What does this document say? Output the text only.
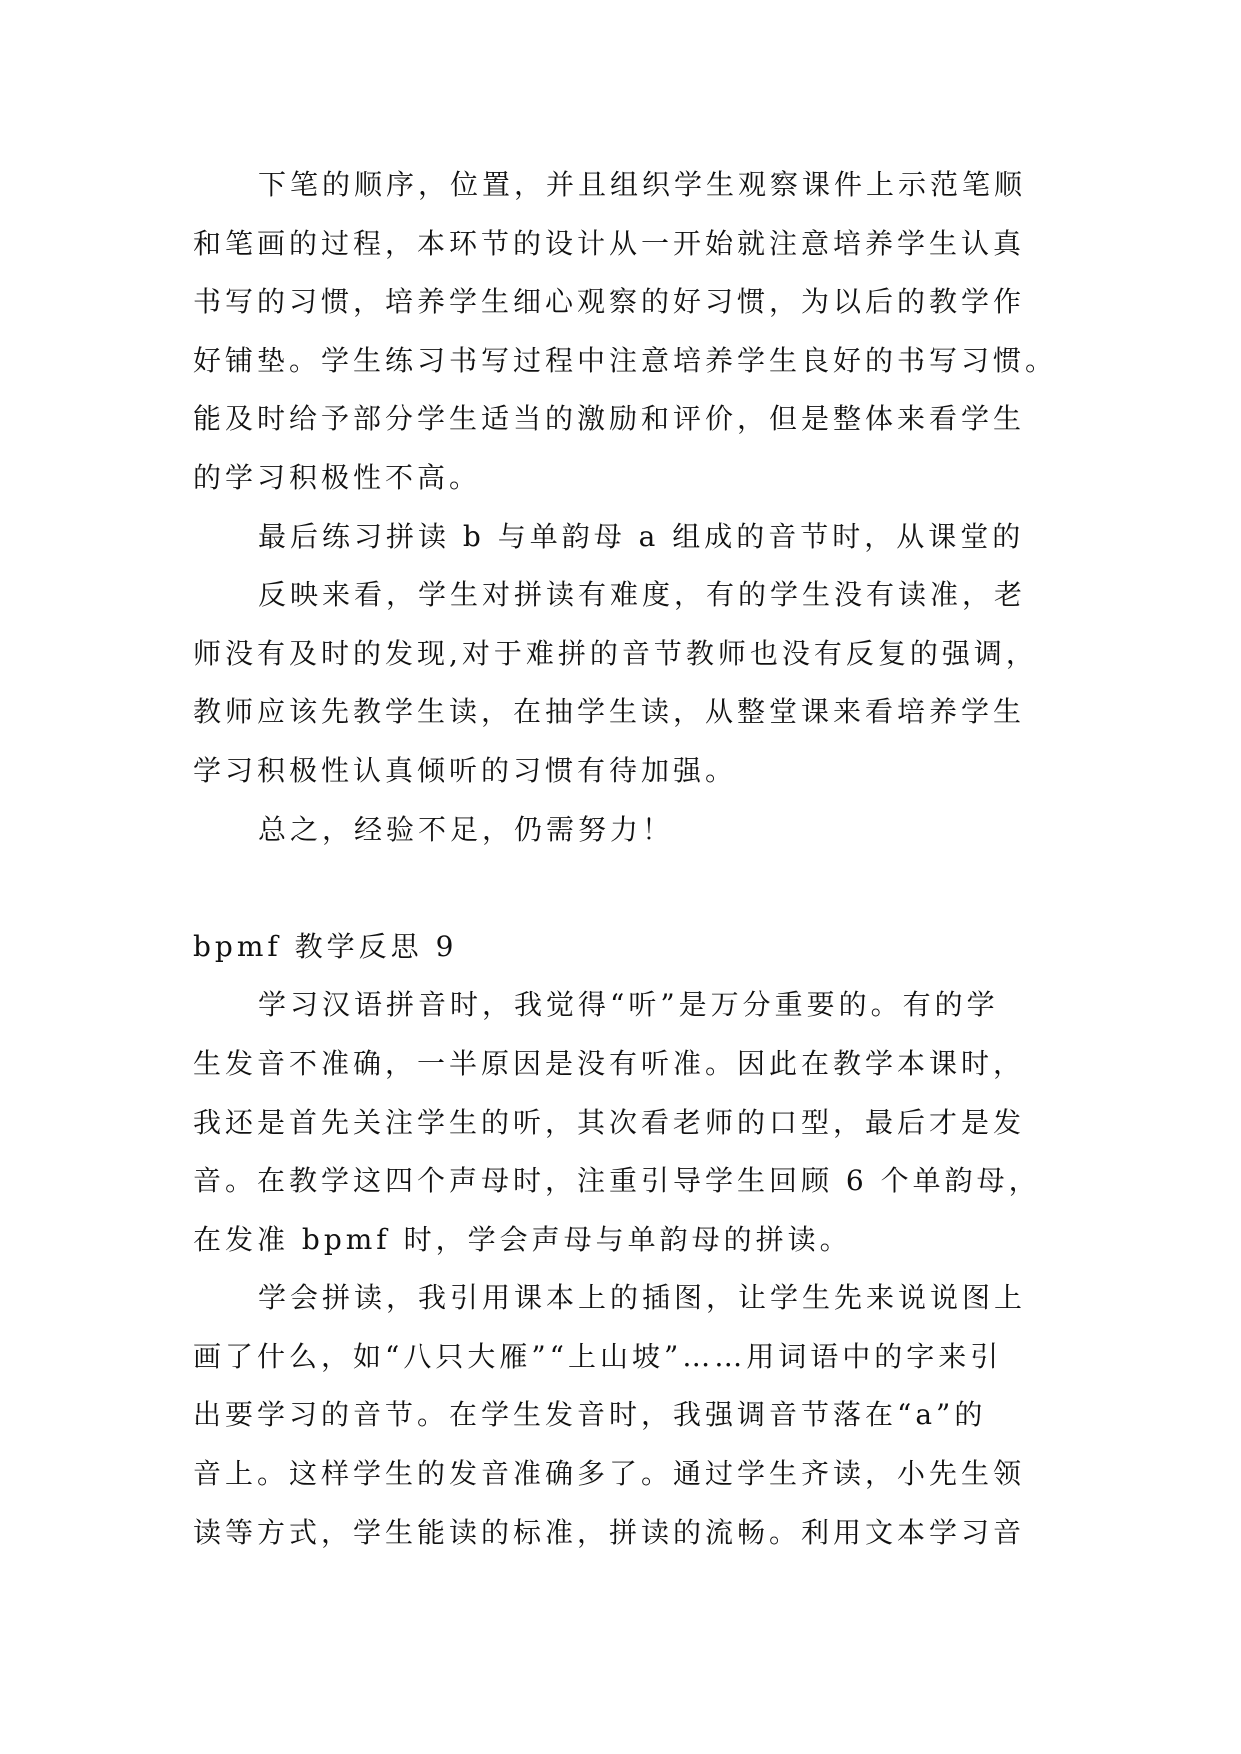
下笔的顺序，位置，并且组织学生观察课件上示范笔顺
和笔画的过程，本环节的设计从一开始就注意培养学生认真
书写的习惯，培养学生细心观察的好习惯，为以后的教学作
好铺垫。学生练习书写过程中注意培养学生良好的书写习惯。
能及时给予部分学生适当的激励和评价，但是整体来看学生
的学习积极性不高。
最后练习拼读 b 与单韵母 a 组成的音节时，从课堂的
反映来看，学生对拼读有难度，有的学生没有读准，老
师没有及时的发现,对于难拼的音节教师也没有反复的强调，
教师应该先教学生读，在抽学生读，从整堂课来看培养学生
学习积极性认真倾听的习惯有待加强。
总之，经验不足，仍需努力！
bpmf 教学反思 9
学习汉语拼音时，我觉得“听”是万分重要的。有的学
生发音不准确，一半原因是没有听准。因此在教学本课时，
我还是首先关注学生的听，其次看老师的口型，最后才是发
音。在教学这四个声母时，注重引导学生回顾 6 个单韵母，
在发准 bpmf 时，学会声母与单韵母的拼读。
学会拼读，我引用课本上的插图，让学生先来说说图上
画了什么，如“八只大雁”“上山坡”……用词语中的字来引
出要学习的音节。在学生发音时，我强调音节落在“a”的
音上。这样学生的发音准确多了。通过学生齐读，小先生领
读等方式，学生能读的标准，拼读的流畅。利用文本学习音
